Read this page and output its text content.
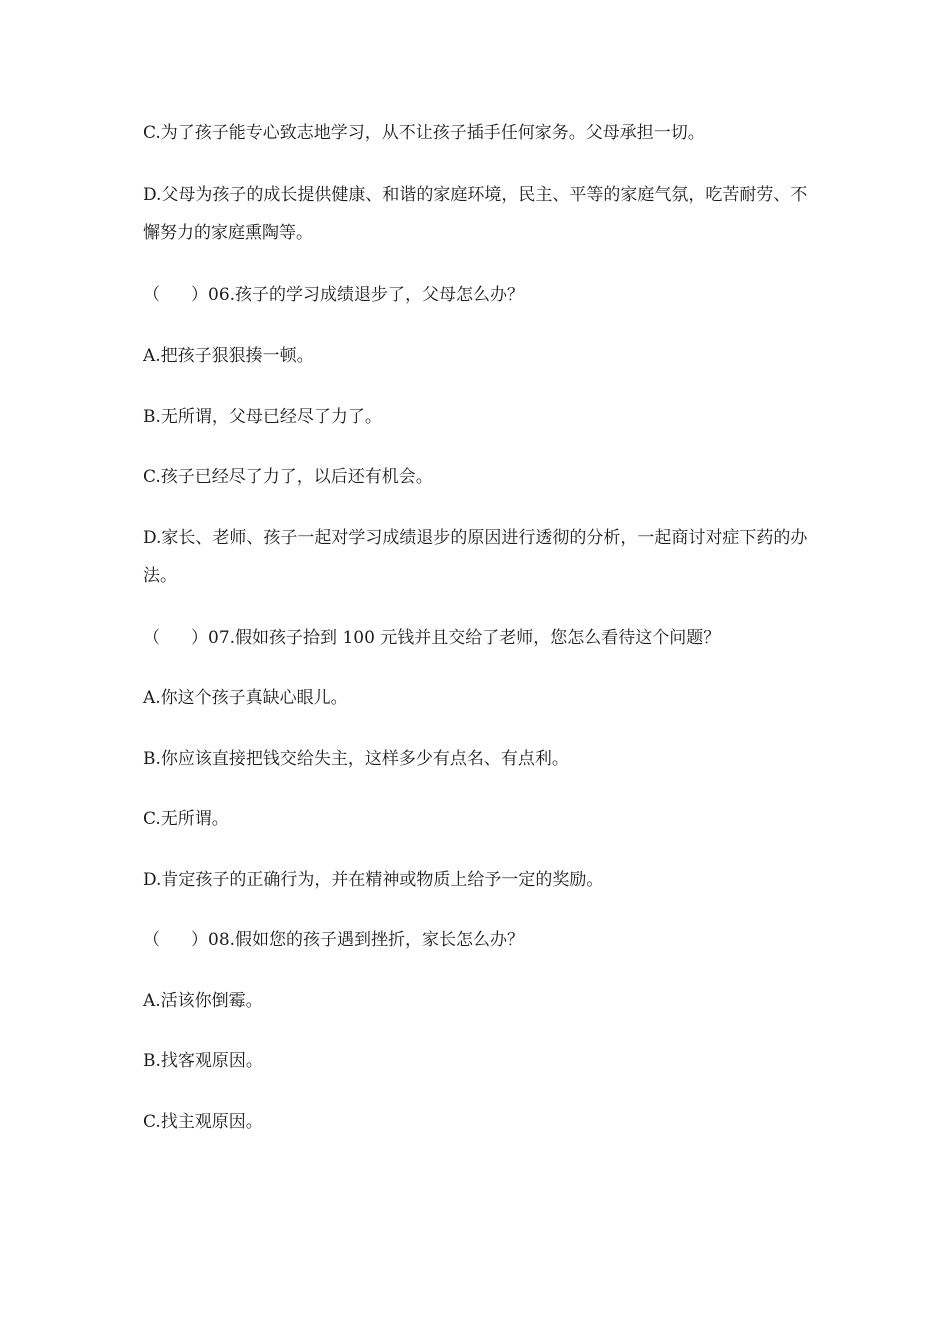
C.为了孩子能专心致志地学习，从不让孩子插手任何家务。父母承担一切。
D.父母为孩子的成长提供健康、和谐的家庭环境，民主、平等的家庭气氛，吃苦耐劳、不懈努力的家庭熏陶等。
（ ）06.孩子的学习成绩退步了，父母怎么办？
A.把孩子狠狠揍一顿。
B.无所谓，父母已经尽了力了。
C.孩子已经尽了力了，以后还有机会。
D.家长、老师、孩子一起对学习成绩退步的原因进行透彻的分析，一起商讨对症下药的办法。
（ ）07.假如孩子拾到 100 元钱并且交给了老师，您怎么看待这个问题？
A.你这个孩子真缺心眼儿。
B.你应该直接把钱交给失主，这样多少有点名、有点利。
C.无所谓。
D.肯定孩子的正确行为，并在精神或物质上给予一定的奖励。
（ ）08.假如您的孩子遇到挫折，家长怎么办？
A.活该你倒霉。
B.找客观原因。
C.找主观原因。
